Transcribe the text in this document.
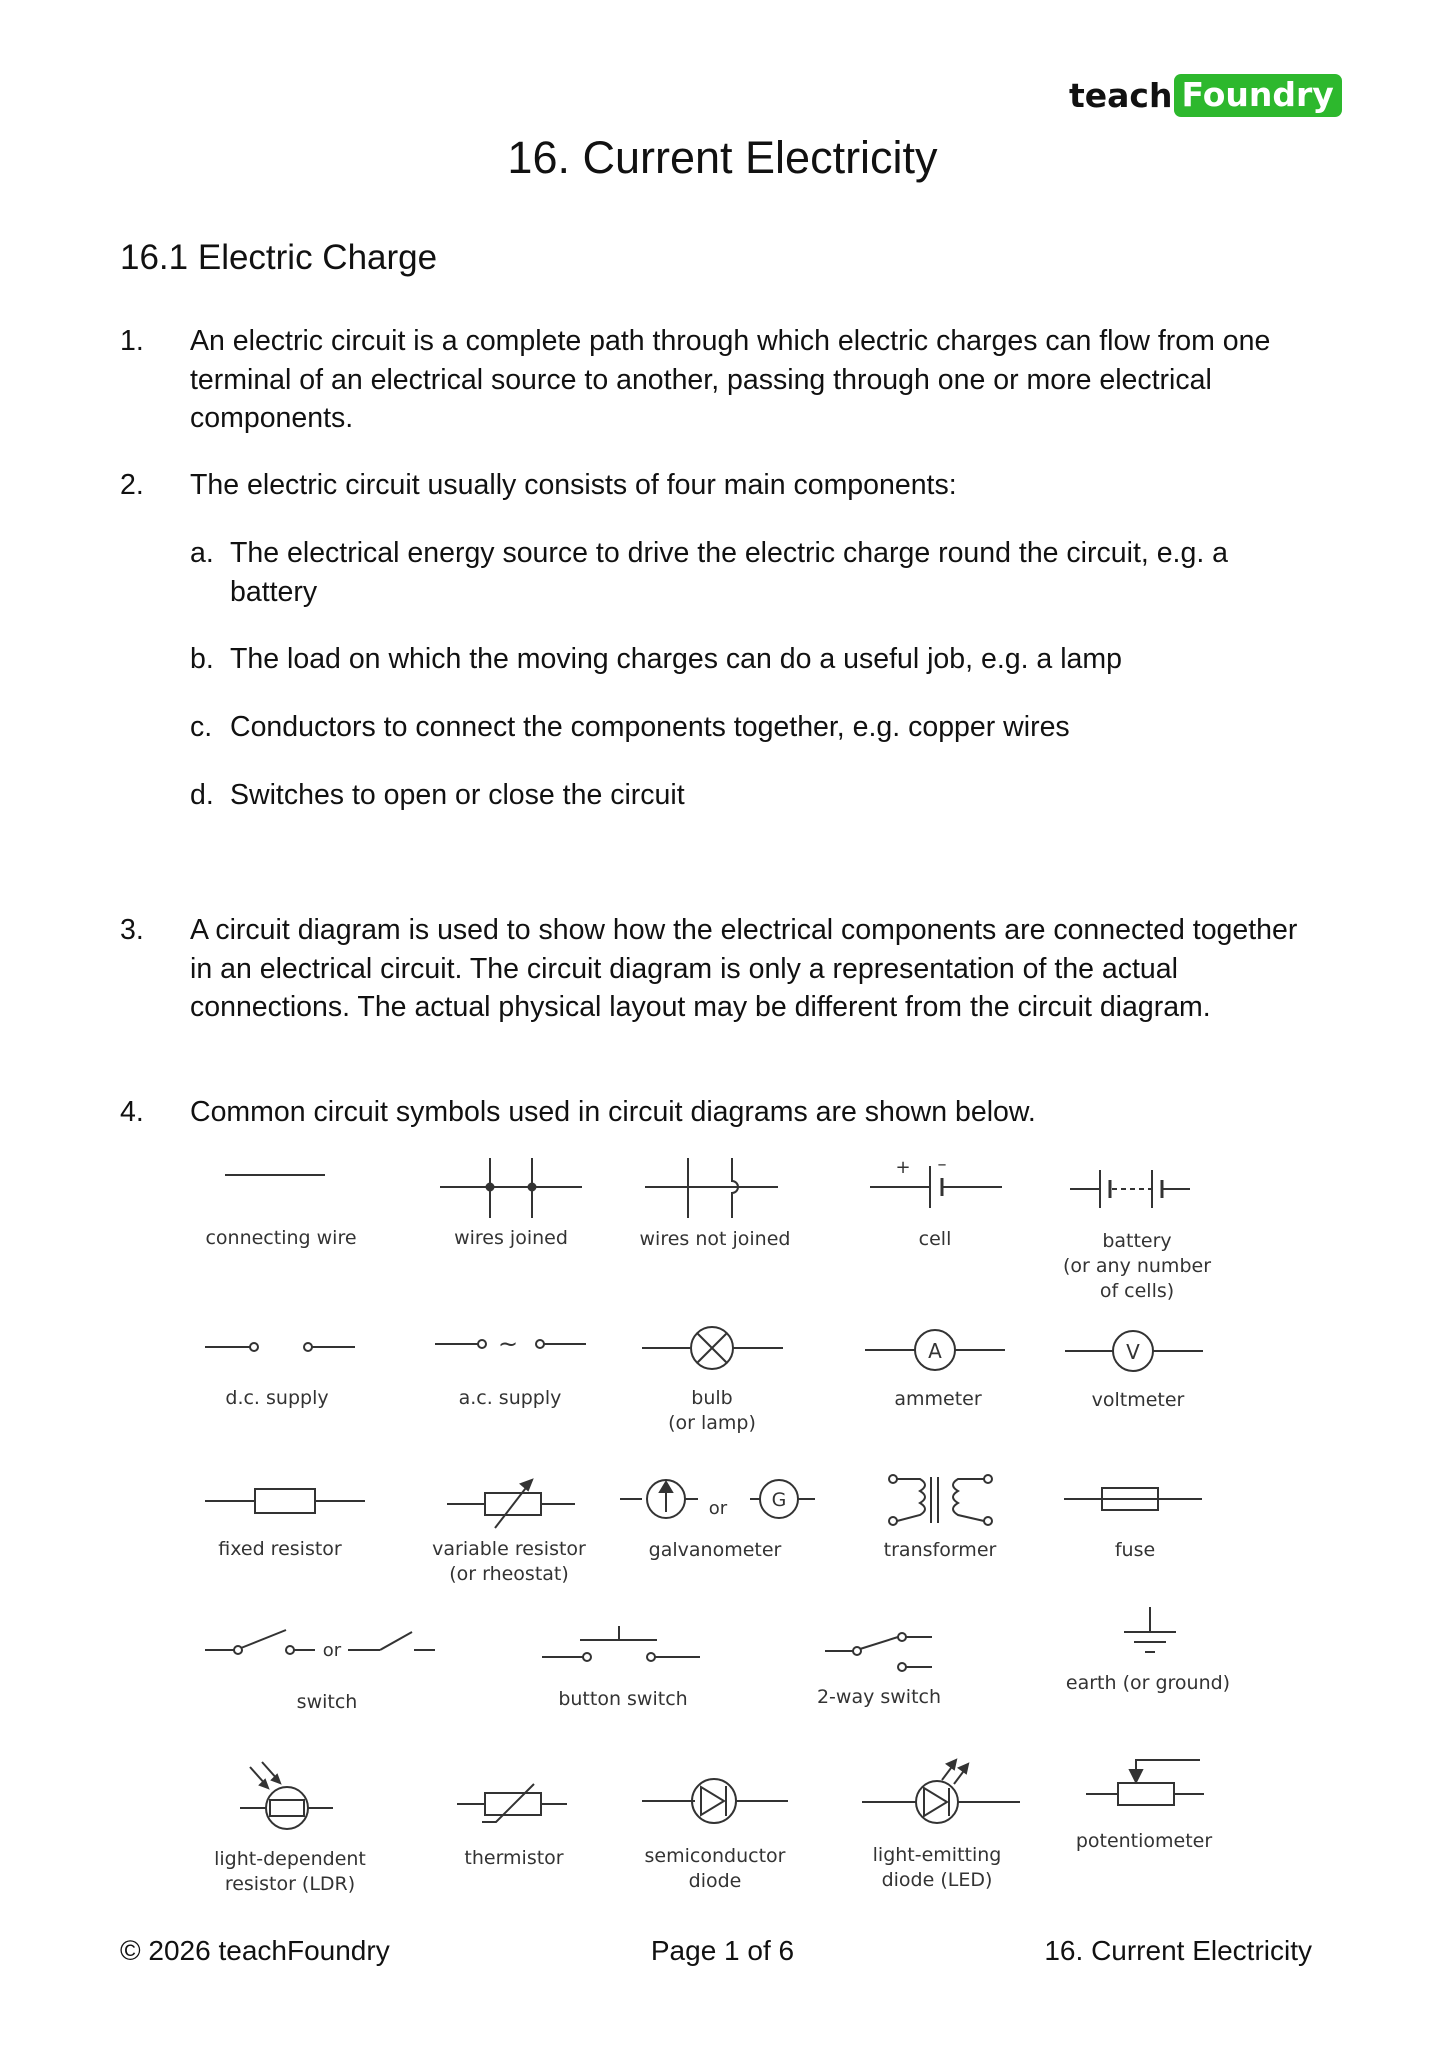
teach Foundry
16. Current Electricity
16.1 Electric Charge
1. An electric circuit is a complete path through which electric charges can flow from one terminal of an electrical source to another, passing through one or more electrical components.
2. The electric circuit usually consists of four main components:
a. The electrical energy source to drive the electric charge round the circuit, e.g. a battery
b. The load on which the moving charges can do a useful job, e.g. a lamp
c. Conductors to connect the components together, e.g. copper wires
d. Switches to open or close the circuit
3. A circuit diagram is used to show how the electrical components are connected together in an electrical circuit. The circuit diagram is only a representation of the actual connections. The actual physical layout may be different from the circuit diagram.
4. Common circuit symbols used in circuit diagrams are shown below.
+ –
~	A	V
G
or
or
connecting wire	wires joined	wires not joined	cell	battery
(or any number
of cells)
d.c. supply	a.c. supply	bulb
(or lamp)
ammeter	voltmeter
fixed resistor	variable resistor
(or rheostat)
galvanometer	transformer	fuse
switch	button switch	2-way switch
earth (or ground)
light-dependent
resistor (LDR)
thermistor	semiconductor
diode
light-emitting
diode (LED)
potentiometer
© 2026 teachFoundry	Page 1 of 6	16. Current Electricity
